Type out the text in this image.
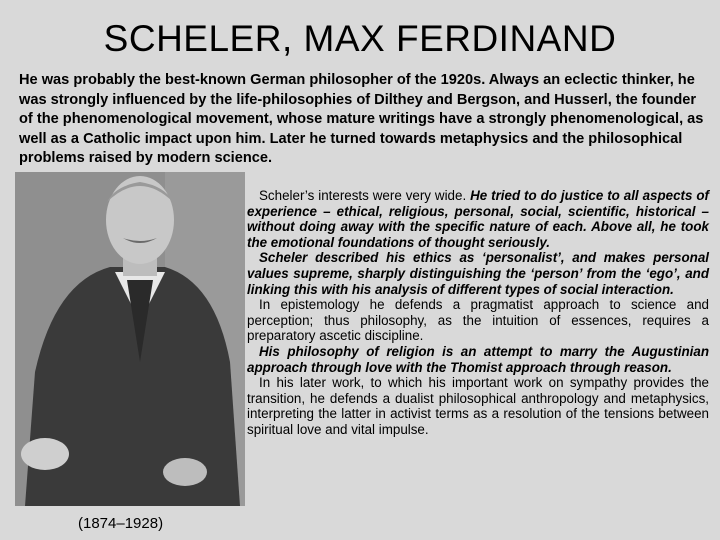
SCHELER, MAX FERDINAND

He was probably the best-known German philosopher of the 1920s. Always an eclectic thinker, he was strongly influenced by the life-philosophies of Dilthey and Bergson, and Husserl, the founder of the phenomenological movement, whose mature writings have a strongly phenomenological, as well as a Catholic impact upon him. Later he turned towards metaphysics and the philosophical problems raised by modern science.

(1874–1928)

Scheler’s interests were very wide. He tried to do justice to all aspects of experience – ethical, religious, personal, social, scientific, historical – without doing away with the specific nature of each. Above all, he took the emotional foundations of thought seriously.

Scheler described his ethics as ‘personalist’, and makes personal values supreme, sharply distinguishing the ‘person’ from the ‘ego’, and linking this with his analysis of different types of social interaction.

In epistemology he defends a pragmatist approach to science and perception; thus philosophy, as the intuition of essences, requires a preparatory ascetic discipline.

His philosophy of religion is an attempt to marry the Augustinian approach through love with the Thomist approach through reason.

In his later work, to which his important work on sympathy provides the transition, he defends a dualist philosophical anthropology and metaphysics, interpreting the latter in activist terms as a resolution of the tensions between spiritual love and vital impulse.
